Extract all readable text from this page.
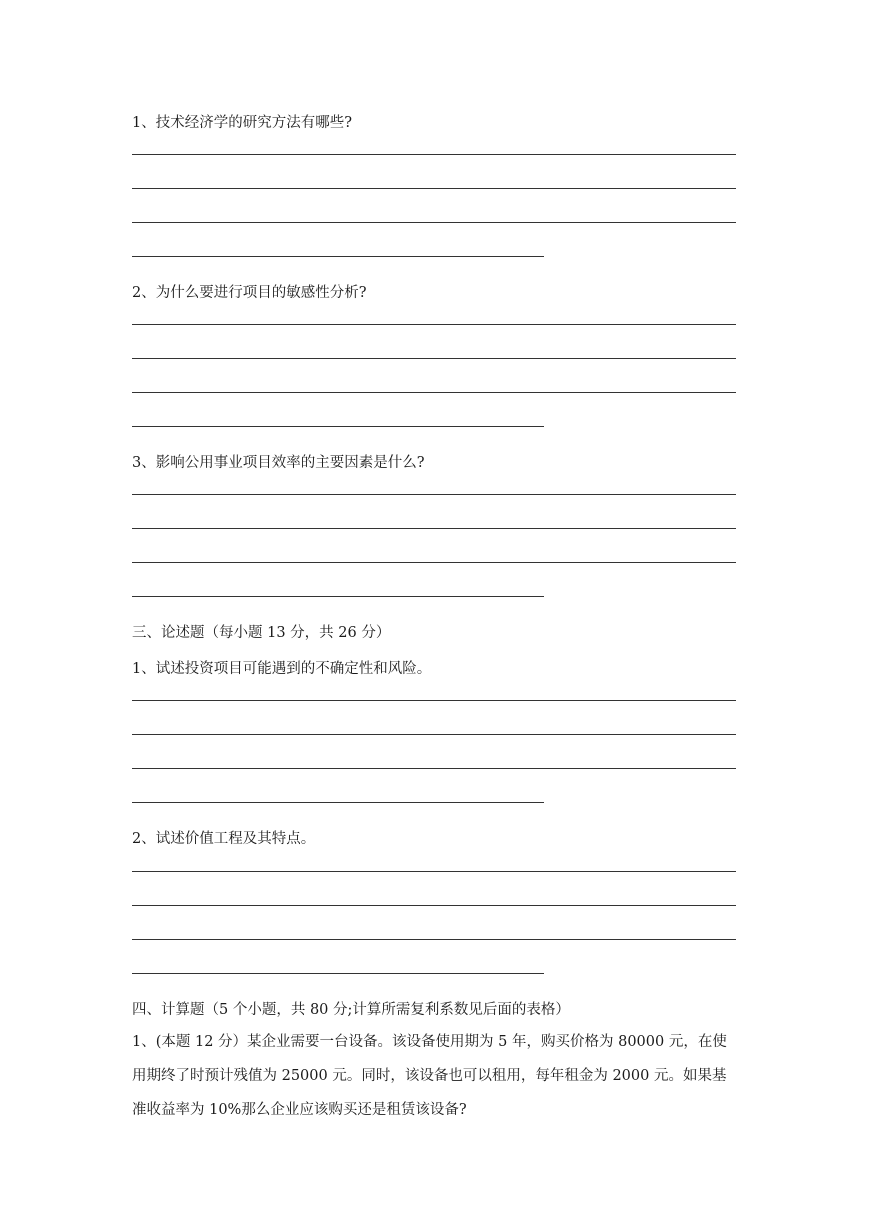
1、技术经济学的研究方法有哪些?

2、为什么要进行项目的敏感性分析?

3、影响公用事业项目效率的主要因素是什么?

三、论述题（每小题 13 分，共 26 分）

1、试述投资项目可能遇到的不确定性和风险。

2、试述价值工程及其特点。

四、计算题（5 个小题，共 80 分;计算所需复利系数见后面的表格）

1、(本题 12 分）某企业需要一台设备。该设备使用期为 5 年，购买价格为 80000 元，在使

用期终了时预计残值为 25000 元。同时，该设备也可以租用，每年租金为 2000 元。如果基

准收益率为 10%那么企业应该购买还是租赁该设备?
